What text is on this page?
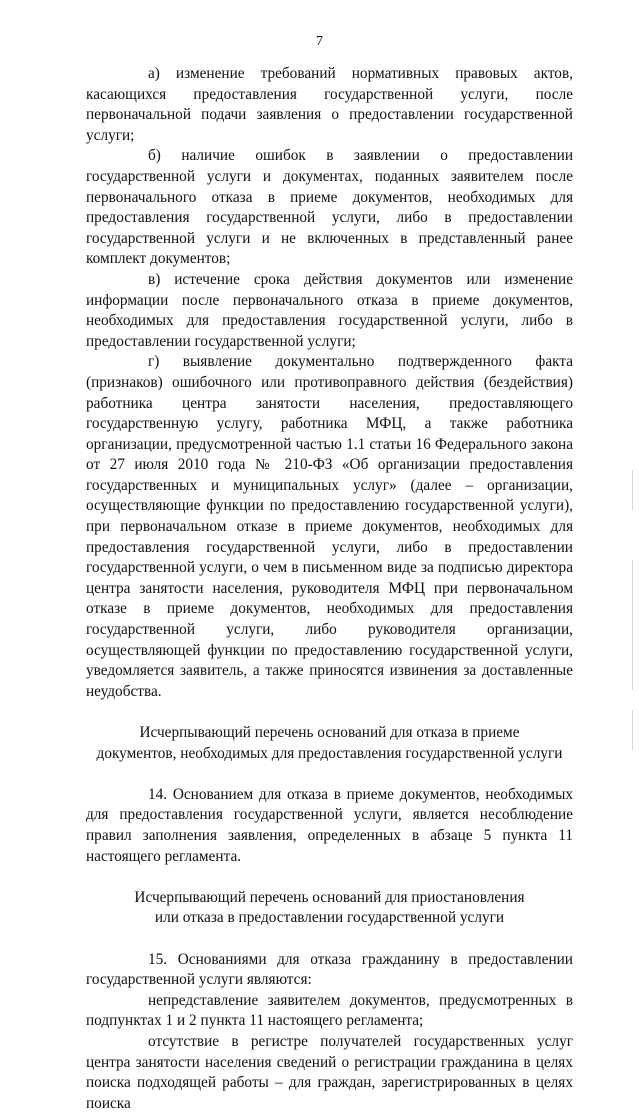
7

а) изменение требований нормативных правовых актов, касающихся предоставления государственной услуги, после первоначальной подачи заявления о предоставлении государственной услуги;

б) наличие ошибок в заявлении о предоставлении государственной услуги и документах, поданных заявителем после первоначального отказа в приеме документов, необходимых для предоставления государственной услуги, либо в предоставлении государственной услуги и не включенных в представленный ранее комплект документов;

в) истечение срока действия документов или изменение информации после первоначального отказа в приеме документов, необходимых для предоставления государственной услуги, либо в предоставлении государственной услуги;

г) выявление документально подтвержденного факта (признаков) ошибочного или противоправного действия (бездействия) работника центра занятости населения, предоставляющего государственную услугу, работника МФЦ, а также работника организации, предусмотренной частью 1.1 статьи 16 Федерального закона от 27 июля 2010 года № 210-ФЗ «Об организации предоставления государственных и муниципальных услуг» (далее – организации, осуществляющие функции по предоставлению государственной услуги), при первоначальном отказе в приеме документов, необходимых для предоставления государственной услуги, либо в предоставлении государственной услуги, о чем в письменном виде за подписью директора центра занятости населения, руководителя МФЦ при первоначальном отказе в приеме документов, необходимых для предоставления государственной услуги, либо руководителя организации, осуществляющей функции по предоставлению государственной услуги, уведомляется заявитель, а также приносятся извинения за доставленные неудобства.

Исчерпывающий перечень оснований для отказа в приеме
документов, необходимых для предоставления государственной услуги

14. Основанием для отказа в приеме документов, необходимых для предоставления государственной услуги, является несоблюдение правил заполнения заявления, определенных в абзаце 5 пункта 11 настоящего регламента.

Исчерпывающий перечень оснований для приостановления
или отказа в предоставлении государственной услуги

15. Основаниями для отказа гражданину в предоставлении государственной услуги являются:

непредставление заявителем документов, предусмотренных в подпунктах 1 и 2 пункта 11 настоящего регламента;

отсутствие в регистре получателей государственных услуг центра занятости населения сведений о регистрации гражданина в целях поиска подходящей работы – для граждан, зарегистрированных в целях поиска
